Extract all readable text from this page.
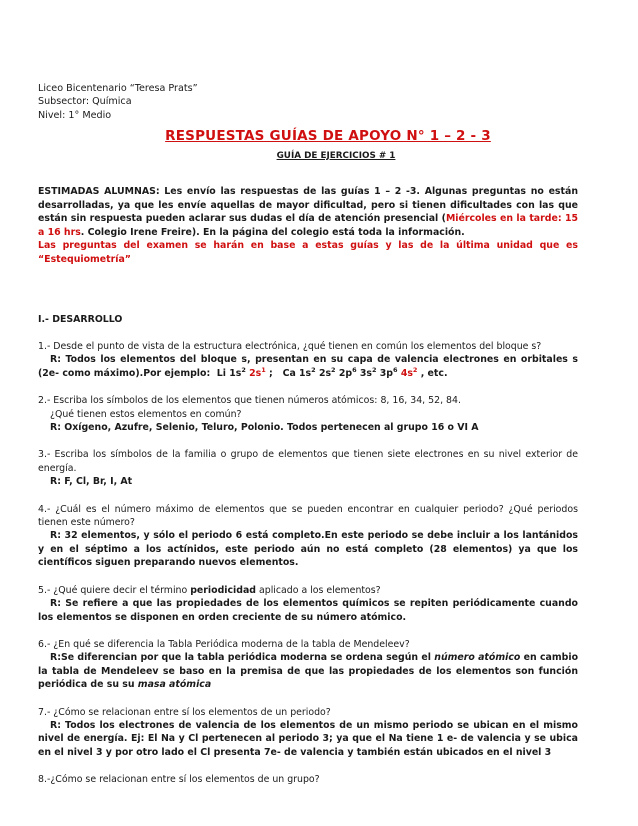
Liceo Bicentenario “Teresa Prats”
Subsector: Química
Nivel: 1° Medio
RESPUESTAS GUÍAS DE APOYO N° 1 – 2 - 3
GUÍA DE EJERCICIOS # 1
ESTIMADAS ALUMNAS: Les envío las respuestas de las guías 1 – 2 -3. Algunas preguntas no están desarrolladas, ya que les envíe aquellas de mayor dificultad, pero si tienen dificultades con las que están sin respuesta pueden aclarar sus dudas el día de atención presencial (Miércoles en la tarde: 15 a 16 hrs. Colegio Irene Freire). En la página del colegio está toda la información.
Las preguntas del examen se harán en base a estas guías y las de la última unidad que es “Estequiometría”
I.- DESARROLLO
1.- Desde el punto de vista de la estructura electrónica, ¿qué tienen en común los elementos del bloque s?
R: Todos los elementos del bloque s, presentan en su capa de valencia electrones en orbitales s (2e- como máximo).Por ejemplo: Li $1s^2$ $2s^1$ ; Ca $1s^2$ $2s^2$ $2p^6$ $3s^2$ $3p^6$ $4s^2$ , etc.
2.- Escriba los símbolos de los elementos que tienen números atómicos: 8, 16, 34, 52, 84.
¿Qué tienen estos elementos en común?
R: Oxígeno, Azufre, Selenio, Teluro, Polonio. Todos pertenecen al grupo 16 o VI A
3.- Escriba los símbolos de la familia o grupo de elementos que tienen siete electrones en su nivel exterior de energía.
R: F, Cl, Br, I, At
4.- ¿Cuál es el número máximo de elementos que se pueden encontrar en cualquier periodo? ¿Qué periodos tienen este número?
R: 32 elementos, y sólo el periodo 6 está completo.En este periodo se debe incluir a los lantánidos y en el séptimo a los actínidos, este periodo aún no está completo (28 elementos) ya que los científicos siguen preparando nuevos elementos.
5.- ¿Qué quiere decir el término periodicidad aplicado a los elementos?
R: Se refiere a que las propiedades de los elementos químicos se repiten periódicamente cuando los elementos se disponen en orden creciente de su número atómico.
6.- ¿En qué se diferencia la Tabla Periódica moderna de la tabla de Mendeleev?
R:Se diferencian por que la tabla periódica moderna se ordena según el número atómico en cambio la tabla de Mendeleev se baso en la premisa de que las propiedades de los elementos son función periódica de su su masa atómica
7.- ¿Cómo se relacionan entre sí los elementos de un periodo?
R: Todos los electrones de valencia de los elementos de un mismo periodo se ubican en el mismo nivel de energía. Ej: El Na y Cl pertenecen al periodo 3; ya que el Na tiene 1 e- de valencia y se ubica en el nivel 3 y por otro lado el Cl presenta 7e- de valencia y también están ubicados en el nivel 3
8.-¿Cómo se relacionan entre sí los elementos de un grupo?
